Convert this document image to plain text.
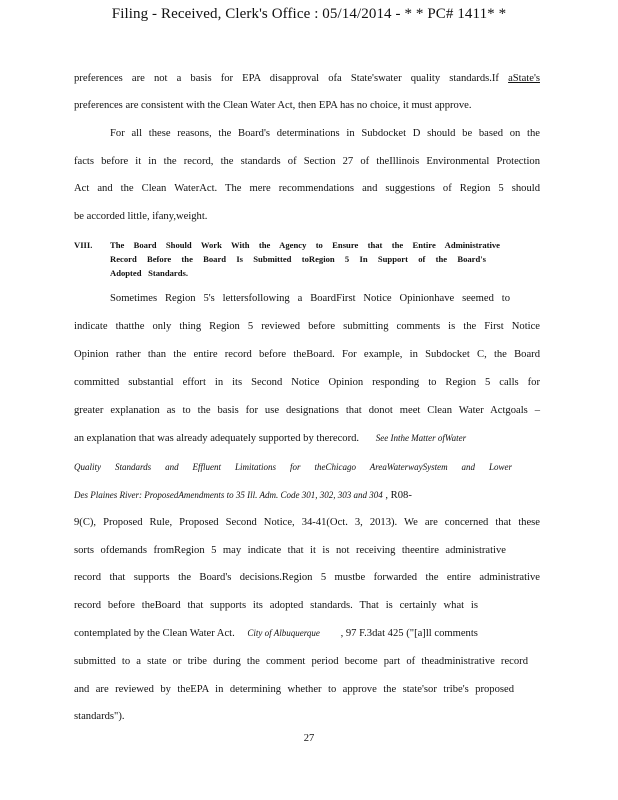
Filing - Received, Clerk's Office : 05/14/2014 - * * PC# 1411* *
preferences are not a basis for EPA disapproval ofa State'swater quality standards.If aState's
preferences are consistent with the Clean Water Act, then EPA has no choice, it must approve.
For all these reasons, the Board's determinations in Subdocket D should be based on the
facts before it in the record, the standards of Section 27 of theIllinois Environmental Protection
Act and the Clean WaterAct. The mere recommendations and suggestions of Region 5 should
be accorded little, ifany,weight.
VIII. The Board Should Work With the Agency to Ensure that the Entire Administrative
Record Before the Board Is Submitted toRegion 5 In Support of the Board's
Adopted Standards.
Sometimes Region 5's lettersfollowing a BoardFirst Notice Opinionhave seemed to
indicate thatthe only thing Region 5 reviewed before submitting comments is the First Notice
Opinion rather than the entire record before theBoard. For example, in Subdocket C, the Board
committed substantial effort in its Second Notice Opinion responding to Region 5 calls for
greater explanation as to the basis for use designations that donot meet Clean Water Actgoals –
an explanation that was already adequately supported by therecord. See Inthe Matter ofWater
Quality Standards and Effluent Limitations for theChicago AreaWaterwaySystem and Lower
Des Plaines River: ProposedAmendments to 35 Ill. Adm. Code 301, 302, 303 and 304 , R08-
9(C), Proposed Rule, Proposed Second Notice, 34-41(Oct. 3, 2013). We are concerned that these
sorts ofdemands fromRegion 5 may indicate that it is not receiving theentire administrative
record that supports the Board's decisions.Region 5 mustbe forwarded the entire administrative
record before theBoard that supports its adopted standards. That is certainly what is
contemplated by the Clean Water Act. City of Albuquerque , 97 F.3dat 425 ("[a]ll comments
submitted to a state or tribe during the comment period become part of theadministrative record
and are reviewed by theEPA in determining whether to approve the state'sor tribe's proposed
standards").
27
